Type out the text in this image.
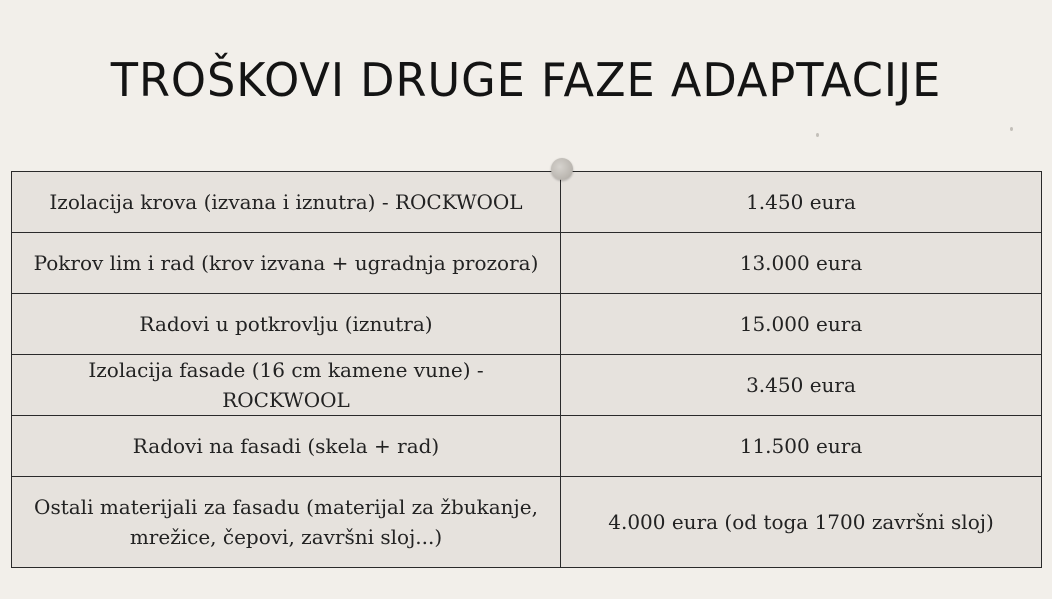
TROŠKOVI DRUGE FAZE ADAPTACIJE
Izolacija krova (izvana i iznutra) - ROCKWOOL	1.450 eura
Pokrov lim i rad (krov izvana + ugradnja prozora)	13.000 eura
Radovi u potkrovlju (iznutra)	15.000 eura
Izolacija fasade (16 cm kamene vune) - ROCKWOOL	3.450 eura
Radovi na fasadi (skela + rad)	11.500 eura
Ostali materijali za fasadu (materijal za žbukanje, mrežice, čepovi, završni sloj...)	4.000 eura (od toga 1700 završni sloj)
